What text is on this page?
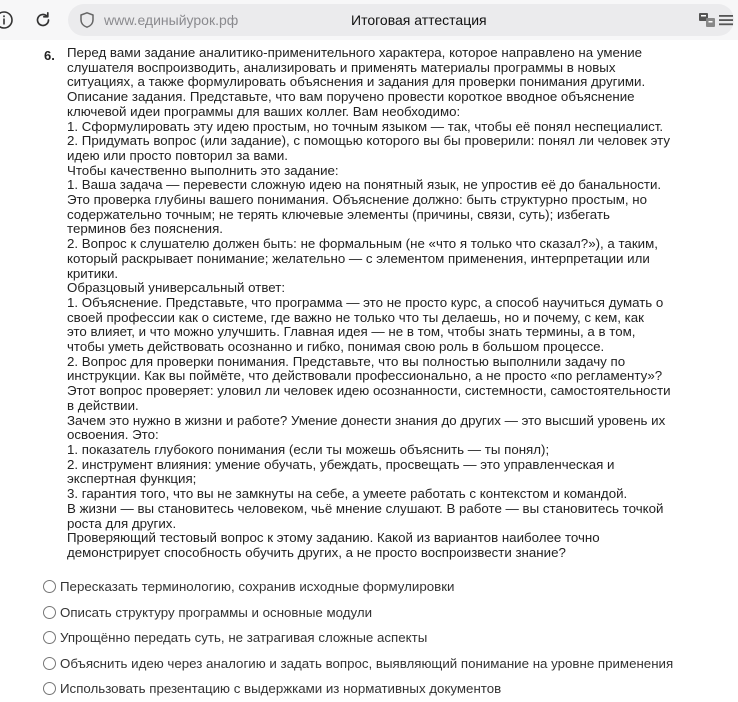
www.единыйурок.рф	Итоговая аттестация
6. Перед вами задание аналитико-применительного характера, которое направлено на умение
слушателя воспроизводить, анализировать и применять материалы программы в новых
ситуациях, а также формулировать объяснения и задания для проверки понимания другими.
Описание задания. Представьте, что вам поручено провести короткое вводное объяснение
ключевой идеи программы для ваших коллег. Вам необходимо:
1. Сформулировать эту идею простым, но точным языком — так, чтобы её понял неспециалист.
2. Придумать вопрос (или задание), с помощью которого вы бы проверили: понял ли человек эту
идею или просто повторил за вами.
Чтобы качественно выполнить это задание:
1. Ваша задача — перевести сложную идею на понятный язык, не упростив её до банальности.
Это проверка глубины вашего понимания. Объяснение должно: быть структурно простым, но
содержательно точным; не терять ключевые элементы (причины, связи, суть); избегать
терминов без пояснения.
2. Вопрос к слушателю должен быть: не формальным (не «что я только что сказал?»), а таким,
который раскрывает понимание; желательно — с элементом применения, интерпретации или
критики.
Образцовый универсальный ответ:
1. Объяснение. Представьте, что программа — это не просто курс, а способ научиться думать о
своей профессии как о системе, где важно не только что ты делаешь, но и почему, с кем, как
это влияет, и что можно улучшить. Главная идея — не в том, чтобы знать термины, а в том,
чтобы уметь действовать осознанно и гибко, понимая свою роль в большом процессе.
2. Вопрос для проверки понимания. Представьте, что вы полностью выполнили задачу по
инструкции. Как вы поймёте, что действовали профессионально, а не просто «по регламенту»?
Этот вопрос проверяет: уловил ли человек идею осознанности, системности, самостоятельности
в действии.
Зачем это нужно в жизни и работе? Умение донести знания до других — это высший уровень их
освоения. Это:
1. показатель глубокого понимания (если ты можешь объяснить — ты понял);
2. инструмент влияния: умение обучать, убеждать, просвещать — это управленческая и
экспертная функция;
3. гарантия того, что вы не замкнуты на себе, а умеете работать с контекстом и командой.
В жизни — вы становитесь человеком, чьё мнение слушают. В работе — вы становитесь точкой
роста для других.
Проверяющий тестовый вопрос к этому заданию. Какой из вариантов наиболее точно
демонстрирует способность обучить других, а не просто воспроизвести знание?
Пересказать терминологию, сохранив исходные формулировки
Описать структуру программы и основные модули
Упрощённо передать суть, не затрагивая сложные аспекты
Объяснить идею через аналогию и задать вопрос, выявляющий понимание на уровне применения
Использовать презентацию с выдержками из нормативных документов
